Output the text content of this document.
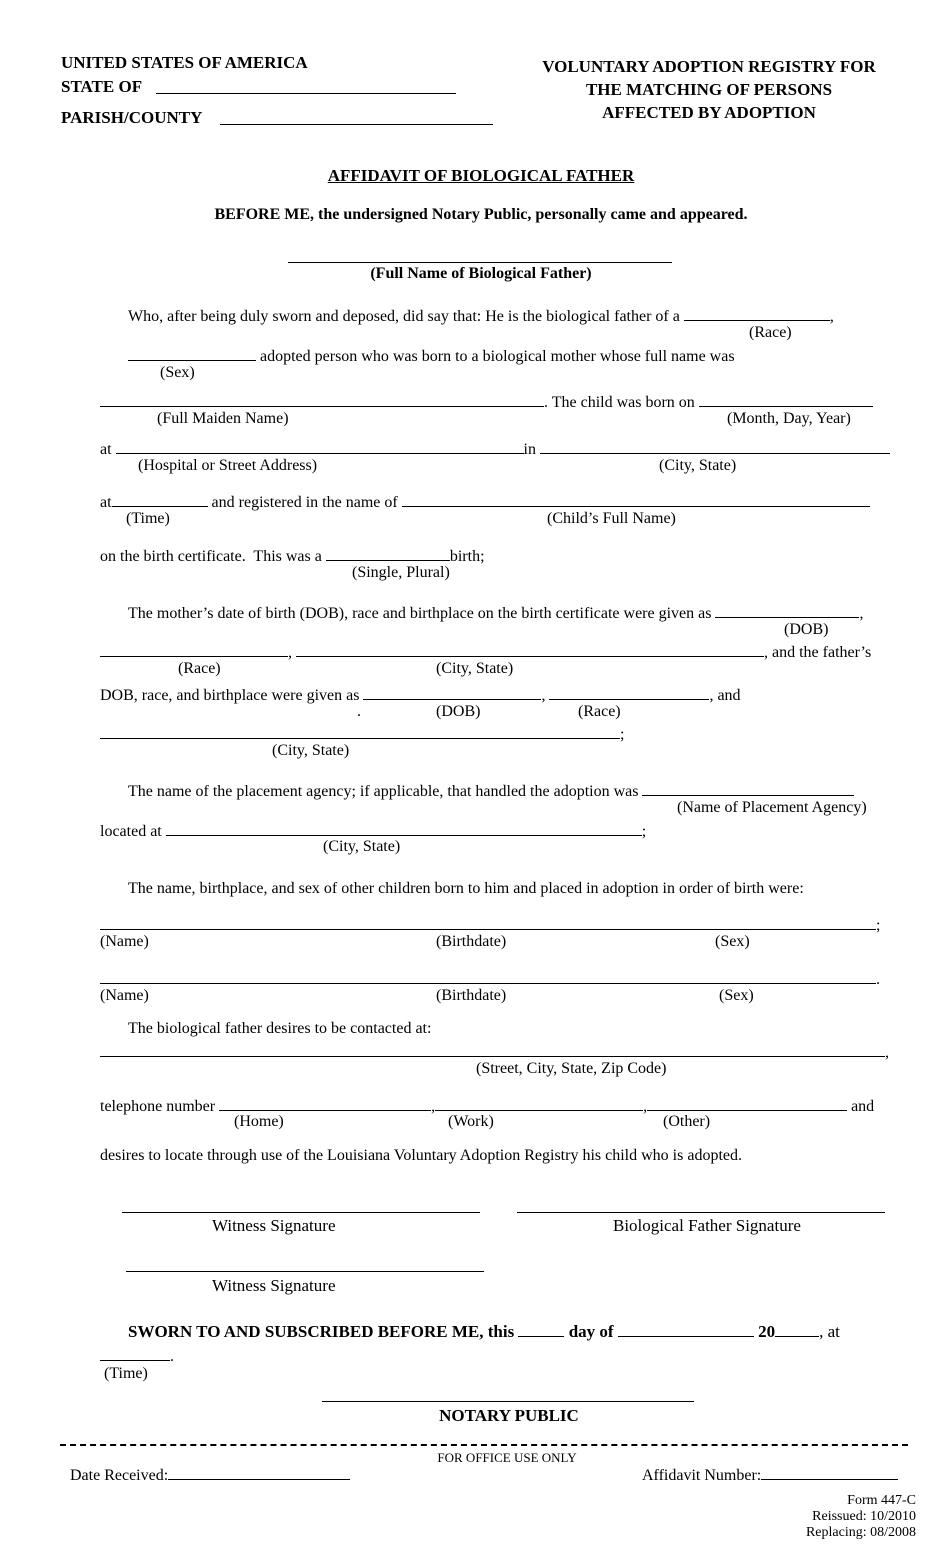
UNITED STATES OF AMERICA
STATE OF
PARISH/COUNTY
VOLUNTARY ADOPTION REGISTRY FOR
THE MATCHING OF PERSONS
AFFECTED BY ADOPTION
AFFIDAVIT OF BIOLOGICAL FATHER
BEFORE ME, the undersigned Notary Public, personally came and appeared.
(Full Name of Biological Father)
Who, after being duly sworn and deposed, did say that: He is the biological father of a	,
(Race)
adopted person who was born to a biological mother whose full name was
(Sex)
. The child was born on
(Full Maiden Name)	(Month, Day, Year)
at	in
(Hospital or Street Address)	(City, State)
at	and registered in the name of
(Time)	(Child’s Full Name)
on the birth certificate.  This was a	birth;
(Single, Plural)
The mother’s date of birth (DOB), race and birthplace on the birth certificate were given as	,
(DOB)
,	, and the father’s
(Race)	(City, State)
DOB, race, and birthplace were given as	,	, and
.	(DOB)	(Race)
;
(City, State)
The name of the placement agency; if applicable, that handled the adoption was
(Name of Placement Agency)
located at	;
(City, State)
The name, birthplace, and sex of other children born to him and placed in adoption in order of birth were:
;
(Name)	(Birthdate)	(Sex)
.
(Name)	(Birthdate)	(Sex)
The biological father desires to be contacted at:
,
(Street, City, State, Zip Code)
telephone number	,	,	and
(Home)	(Work)	(Other)
desires to locate through use of the Louisiana Voluntary Adoption Registry his child who is adopted.
Witness Signature	Biological Father Signature
Witness Signature
SWORN TO AND SUBSCRIBED BEFORE ME, this	day of	20	, at
.
(Time)
NOTARY PUBLIC
FOR OFFICE USE ONLY
Date Received:	Affidavit Number:
Form 447-C
Reissued: 10/2010
Replacing: 08/2008
